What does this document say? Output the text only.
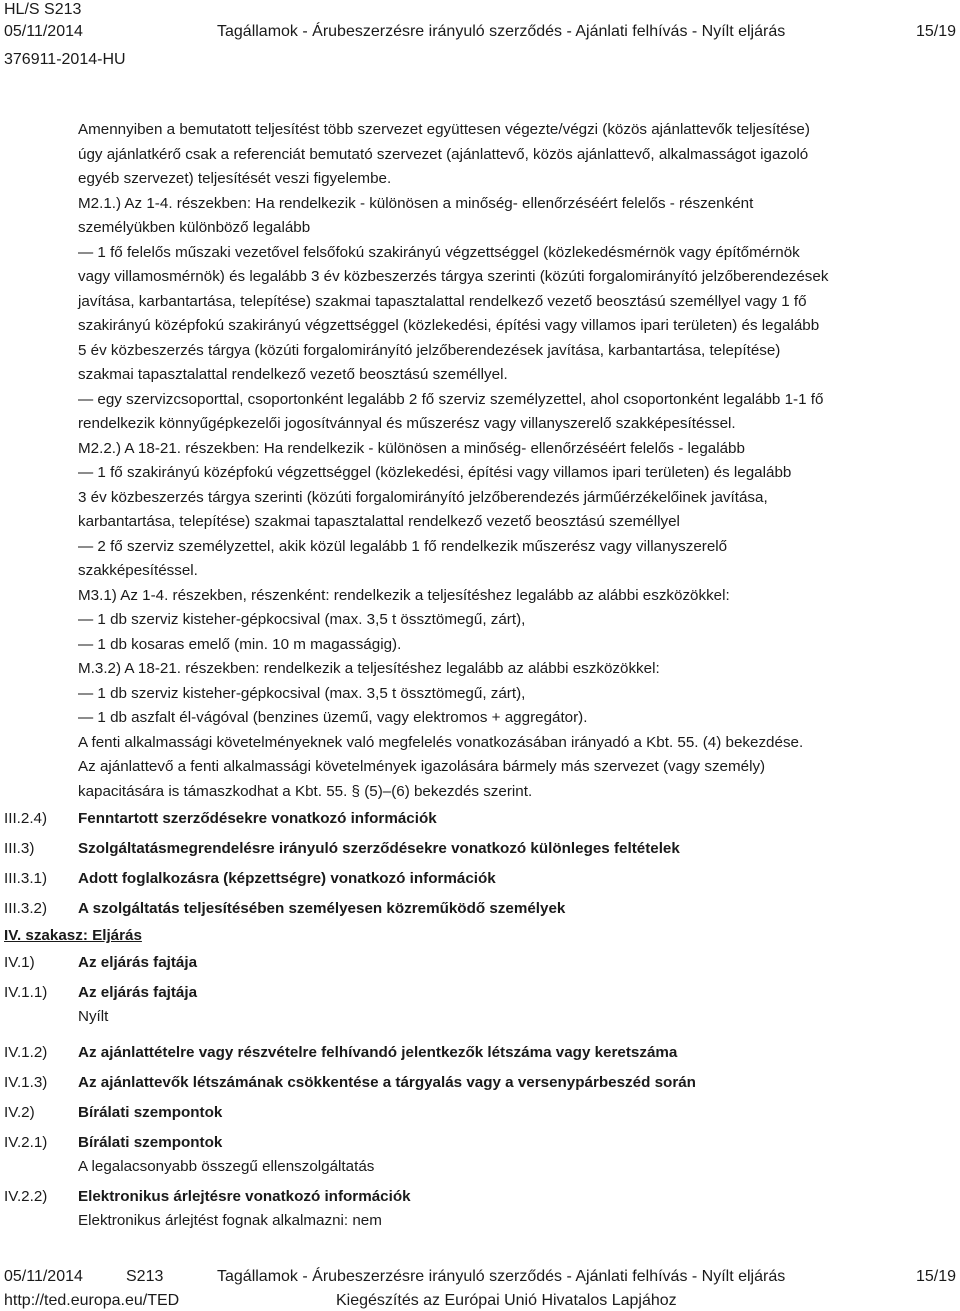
HL/S S213
05/11/2014
376911-2014-HU
Tagállamok - Árubeszerzésre irányuló szerződés - Ajánlati felhívás - Nyílt eljárás	15/19

Amennyiben a bemutatott teljesítést több szervezet együttesen végezte/végzi (közös ajánlattevők teljesítése)

úgy ajánlatkérő csak a referenciát bemutató szervezet (ajánlattevő, közös ajánlattevő, alkalmasságot igazoló

egyéb szervezet) teljesítését veszi figyelembe.

M2.1.) Az 1-4. részekben: Ha rendelkezik - különösen a minőség- ellenőrzéséért felelős - részenként

személyükben különböző legalább

— 1 fő felelős műszaki vezetővel felsőfokú szakirányú végzettséggel (közlekedésmérnök vagy építőmérnök

vagy villamosmérnök) és legalább 3 év közbeszerzés tárgya szerinti (közúti forgalomirányító jelzőberendezések

javítása, karbantartása, telepítése) szakmai tapasztalattal rendelkező vezető beosztású személlyel vagy 1 fő

szakirányú középfokú szakirányú végzettséggel (közlekedési, építési vagy villamos ipari területen) és legalább

5 év közbeszerzés tárgya (közúti forgalomirányító jelzőberendezések javítása, karbantartása, telepítése)

szakmai tapasztalattal rendelkező vezető beosztású személlyel.

— egy szervizcsoporttal, csoportonként legalább 2 fő szerviz személyzettel, ahol csoportonként legalább 1-1 fő

rendelkezik könnyűgépkezelői jogosítvánnyal és műszerész vagy villanyszerelő szakképesítéssel.

M2.2.) A 18-21. részekben: Ha rendelkezik - különösen a minőség- ellenőrzéséért felelős - legalább

— 1 fő szakirányú középfokú végzettséggel (közlekedési, építési vagy villamos ipari területen) és legalább

3 év közbeszerzés tárgya szerinti (közúti forgalomirányító jelzőberendezés járműérzékelőinek javítása,

karbantartása, telepítése) szakmai tapasztalattal rendelkező vezető beosztású személlyel

— 2 fő szerviz személyzettel, akik közül legalább 1 fő rendelkezik műszerész vagy villanyszerelő

szakképesítéssel.

M3.1) Az 1-4. részekben, részenként: rendelkezik a teljesítéshez legalább az alábbi eszközökkel:

— 1 db szerviz kisteher-gépkocsival (max. 3,5 t össztömegű, zárt),

— 1 db kosaras emelő (min. 10 m magasságig).

M.3.2) A 18-21. részekben: rendelkezik a teljesítéshez legalább az alábbi eszközökkel:

— 1 db szerviz kisteher-gépkocsival (max. 3,5 t össztömegű, zárt),

— 1 db aszfalt él-vágóval (benzines üzemű, vagy elektromos + aggregátor).

A fenti alkalmassági követelményeknek való megfelelés vonatkozásában irányadó a Kbt. 55. (4) bekezdése.

Az ajánlattevő a fenti alkalmassági követelmények igazolására bármely más szervezet (vagy személy)

kapacitására is támaszkodhat a Kbt. 55. § (5)–(6) bekezdés szerint.

III.2.4) Fenntartott szerződésekre vonatkozó információk
III.3)	Szolgáltatásmegrendelésre irányuló szerződésekre vonatkozó különleges feltételek
III.3.1) Adott foglalkozásra (képzettségre) vonatkozó információk
III.3.2) A szolgáltatás teljesítésében személyesen közreműködő személyek
IV. szakasz: Eljárás
IV.1)	Az eljárás fajtája
IV.1.1) Az eljárás fajtája
Nyílt
IV.1.2) Az ajánlattételre vagy részvételre felhívandó jelentkezők létszáma vagy keretszáma
IV.1.3) Az ajánlattevők létszámának csökkentése a tárgyalás vagy a versenypárbeszéd során
IV.2)	Bírálati szempontok
IV.2.1) Bírálati szempontok
A legalacsonyabb összegű ellenszolgáltatás
IV.2.2) Elektronikus árlejtésre vonatkozó információk
Elektronikus árlejtést fognak alkalmazni: nem
05/11/2014	S213	Tagállamok - Árubeszerzésre irányuló szerződés - Ajánlati felhívás - Nyílt eljárás	15/19
http://ted.europa.eu/TED	Kiegészítés az Európai Unió Hivatalos Lapjához
